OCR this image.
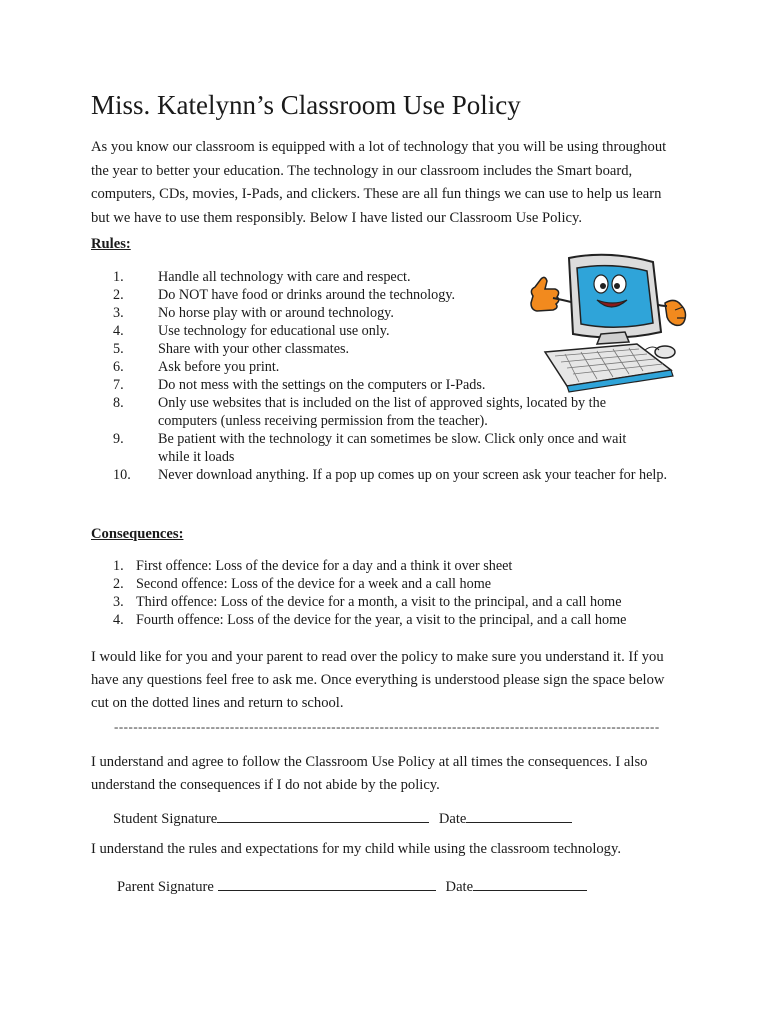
Miss. Katelynn’s Classroom Use Policy

As you know our classroom is equipped with a lot of technology that you will be using throughout the year to better your education. The technology in our classroom includes the Smart board, computers, CDs, movies, I-Pads, and clickers. These are all fun things we can use to help us learn but we have to use them responsibly. Below I have listed our Classroom Use Policy.

Rules:

1.	Handle all technology with care and respect.
2.	Do NOT have food or drinks around the technology.
3.	No horse play with or around technology.
4.	Use technology for educational use only.
5.	Share with your other classmates.
6.	Ask before you print.
7.	Do not mess with the settings on the computers or I-Pads.
8.	Only use websites that is included on the list of approved sights, located by the computers (unless receiving permission from the teacher).
9.	Be patient with the technology it can sometimes be slow. Click only once and wait while it loads
10.	Never download anything. If a pop up comes up on your screen ask your teacher for help.

Consequences:

1. First offence: Loss of the device for a day and a think it over sheet
2. Second offence: Loss of the device for a week and a call home
3. Third offence: Loss of the device for a month, a visit to the principal, and a call home
4. Fourth offence: Loss of the device for the year, a visit to the principal, and a call home

I would like for you and your parent to read over the policy to make sure you understand it. If you have any questions feel free to ask me. Once everything is understood please sign the space below cut on the dotted lines and return to school.

-----------------------------------------------------------------------------------------------------------------

I understand and agree to follow the Classroom Use Policy at all times the consequences. I also understand the consequences if I do not abide by the policy.

Student Signature	Date

I understand the rules and expectations for my child while using the classroom technology.

Parent Signature	Date
